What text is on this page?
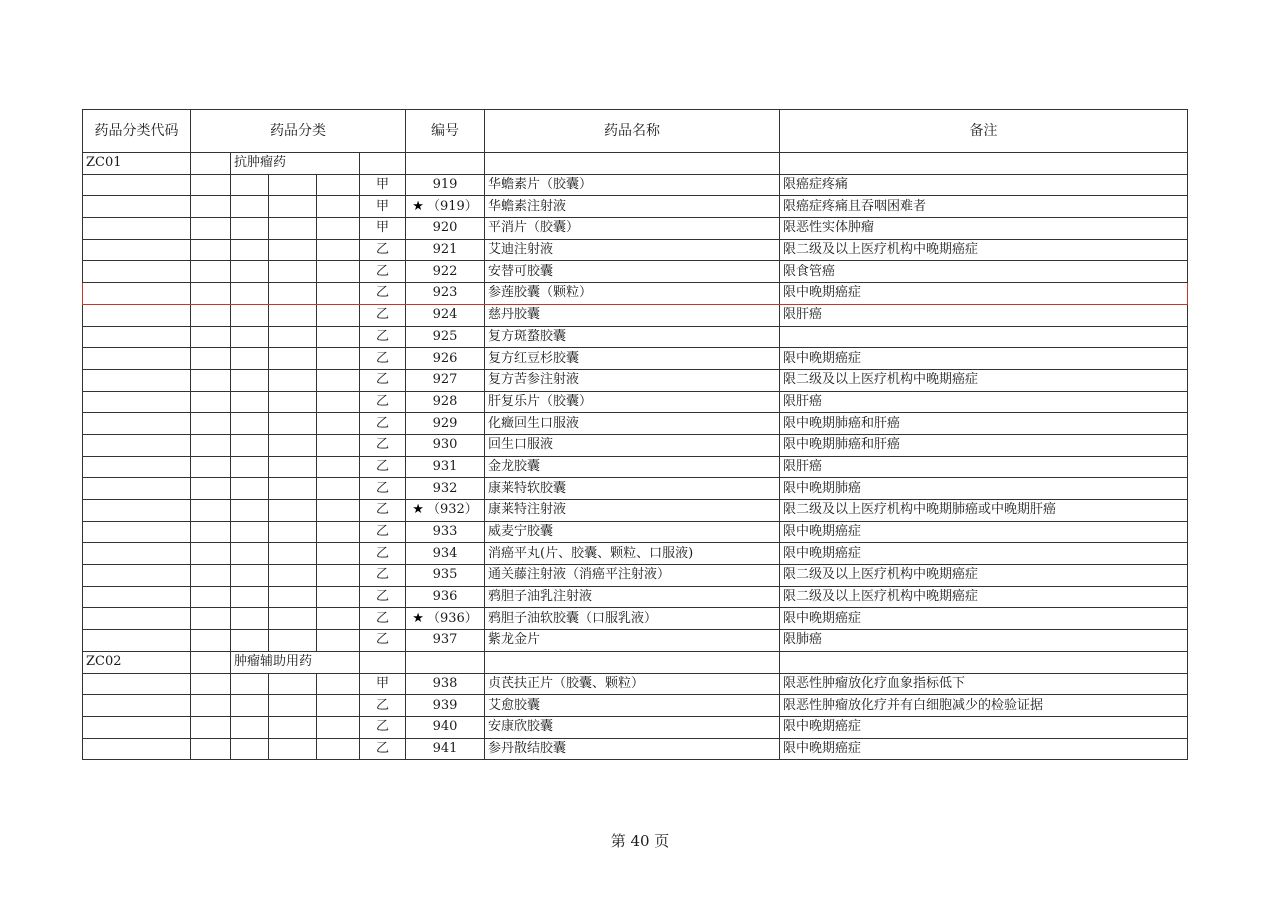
药品分类代码	药品分类					编号	药品名称	备注
ZC01		抗肿瘤药						
					甲	919	华蟾素片（胶囊）	限癌症疼痛
					甲	★ （919）	华蟾素注射液	限癌症疼痛且吞咽困难者
					甲	920	平消片（胶囊）	限恶性实体肿瘤
					乙	921	艾迪注射液	限二级及以上医疗机构中晚期癌症
					乙	922	安替可胶囊	限食管癌
					乙	923	参莲胶囊（颗粒）	限中晚期癌症
					乙	924	慈丹胶囊	限肝癌
					乙	925	复方斑蝥胶囊	
					乙	926	复方红豆杉胶囊	限中晚期癌症
					乙	927	复方苦参注射液	限二级及以上医疗机构中晚期癌症
					乙	928	肝复乐片（胶囊）	限肝癌
					乙	929	化癥回生口服液	限中晚期肺癌和肝癌
					乙	930	回生口服液	限中晚期肺癌和肝癌
					乙	931	金龙胶囊	限肝癌
					乙	932	康莱特软胶囊	限中晚期肺癌
					乙	★ （932）	康莱特注射液	限二级及以上医疗机构中晚期肺癌或中晚期肝癌
					乙	933	威麦宁胶囊	限中晚期癌症
					乙	934	消癌平丸(片、胶囊、颗粒、口服液)	限中晚期癌症
					乙	935	通关藤注射液（消癌平注射液）	限二级及以上医疗机构中晚期癌症
					乙	936	鸦胆子油乳注射液	限二级及以上医疗机构中晚期癌症
					乙	★ （936）	鸦胆子油软胶囊（口服乳液）	限中晚期癌症
					乙	937	紫龙金片	限肺癌
ZC02		肿瘤辅助用药						
					甲	938	贞芪扶正片（胶囊、颗粒）	限恶性肿瘤放化疗血象指标低下
					乙	939	艾愈胶囊	限恶性肿瘤放化疗并有白细胞减少的检验证据
					乙	940	安康欣胶囊	限中晚期癌症
					乙	941	参丹散结胶囊	限中晚期癌症
第 40 页
